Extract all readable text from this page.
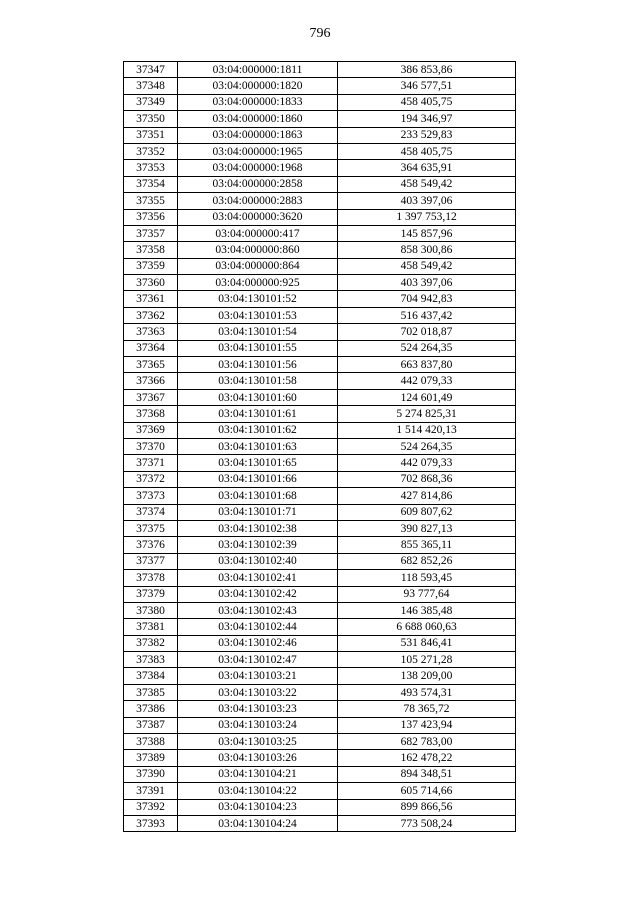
796
37347	03:04:000000:1811	386 853,86
37348	03:04:000000:1820	346 577,51
37349	03:04:000000:1833	458 405,75
37350	03:04:000000:1860	194 346,97
37351	03:04:000000:1863	233 529,83
37352	03:04:000000:1965	458 405,75
37353	03:04:000000:1968	364 635,91
37354	03:04:000000:2858	458 549,42
37355	03:04:000000:2883	403 397,06
37356	03:04:000000:3620	1 397 753,12
37357	03:04:000000:417	145 857,96
37358	03:04:000000:860	858 300,86
37359	03:04:000000:864	458 549,42
37360	03:04:000000:925	403 397,06
37361	03:04:130101:52	704 942,83
37362	03:04:130101:53	516 437,42
37363	03:04:130101:54	702 018,87
37364	03:04:130101:55	524 264,35
37365	03:04:130101:56	663 837,80
37366	03:04:130101:58	442 079,33
37367	03:04:130101:60	124 601,49
37368	03:04:130101:61	5 274 825,31
37369	03:04:130101:62	1 514 420,13
37370	03:04:130101:63	524 264,35
37371	03:04:130101:65	442 079,33
37372	03:04:130101:66	702 868,36
37373	03:04:130101:68	427 814,86
37374	03:04:130101:71	609 807,62
37375	03:04:130102:38	390 827,13
37376	03:04:130102:39	855 365,11
37377	03:04:130102:40	682 852,26
37378	03:04:130102:41	118 593,45
37379	03:04:130102:42	93 777,64
37380	03:04:130102:43	146 385,48
37381	03:04:130102:44	6 688 060,63
37382	03:04:130102:46	531 846,41
37383	03:04:130102:47	105 271,28
37384	03:04:130103:21	138 209,00
37385	03:04:130103:22	493 574,31
37386	03:04:130103:23	78 365,72
37387	03:04:130103:24	137 423,94
37388	03:04:130103:25	682 783,00
37389	03:04:130103:26	162 478,22
37390	03:04:130104:21	894 348,51
37391	03:04:130104:22	605 714,66
37392	03:04:130104:23	899 866,56
37393	03:04:130104:24	773 508,24
